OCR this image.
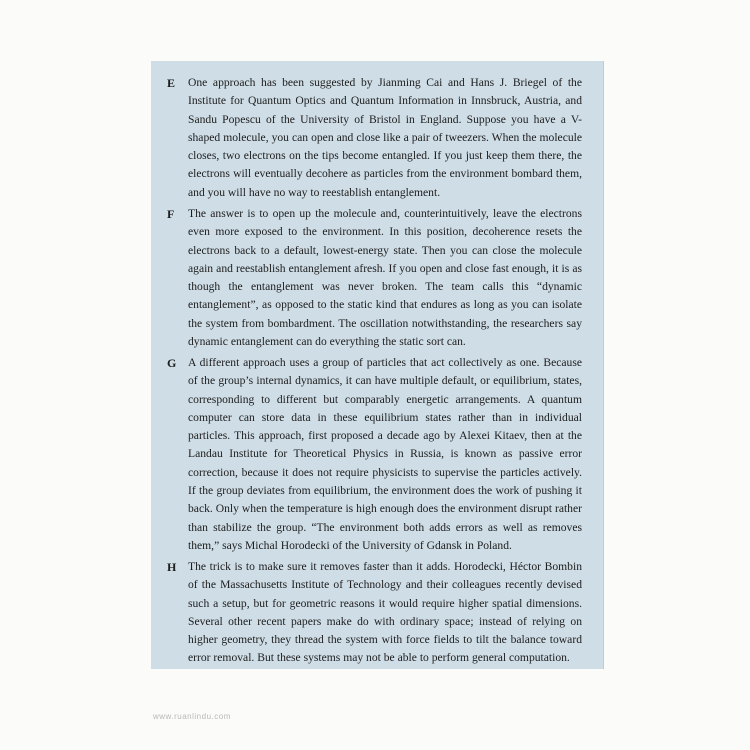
E One approach has been suggested by Jianming Cai and Hans J. Briegel of the Institute for Quantum Optics and Quantum Information in Innsbruck, Austria, and Sandu Popescu of the University of Bristol in England. Suppose you have a V-shaped molecule, you can open and close like a pair of tweezers. When the molecule closes, two electrons on the tips become entangled. If you just keep them there, the electrons will eventually decohere as particles from the environment bombard them, and you will have no way to reestablish entanglement.

F The answer is to open up the molecule and, counterintuitively, leave the electrons even more exposed to the environment. In this position, decoherence resets the electrons back to a default, lowest-energy state. Then you can close the molecule again and reestablish entanglement afresh. If you open and close fast enough, it is as though the entanglement was never broken. The team calls this “dynamic entanglement”, as opposed to the static kind that endures as long as you can isolate the system from bombardment. The oscillation notwithstanding, the researchers say dynamic entanglement can do everything the static sort can.

G A different approach uses a group of particles that act collectively as one. Because of the group’s internal dynamics, it can have multiple default, or equilibrium, states, corresponding to different but comparably energetic arrangements. A quantum computer can store data in these equilibrium states rather than in individual particles. This approach, first proposed a decade ago by Alexei Kitaev, then at the Landau Institute for Theoretical Physics in Russia, is known as passive error correction, because it does not require physicists to supervise the particles actively. If the group deviates from equilibrium, the environment does the work of pushing it back. Only when the temperature is high enough does the environment disrupt rather than stabilize the group. “The environment both adds errors as well as removes them,” says Michal Horodecki of the University of Gdansk in Poland.

H The trick is to make sure it removes faster than it adds. Horodecki, Héctor Bombin of the Massachusetts Institute of Technology and their colleagues recently devised such a setup, but for geometric reasons it would require higher spatial dimensions. Several other recent papers make do with ordinary space; instead of relying on higher geometry, they thread the system with force fields to tilt the balance toward error removal. But these systems may not be able to perform general computation.

www.ruanlindu.com
